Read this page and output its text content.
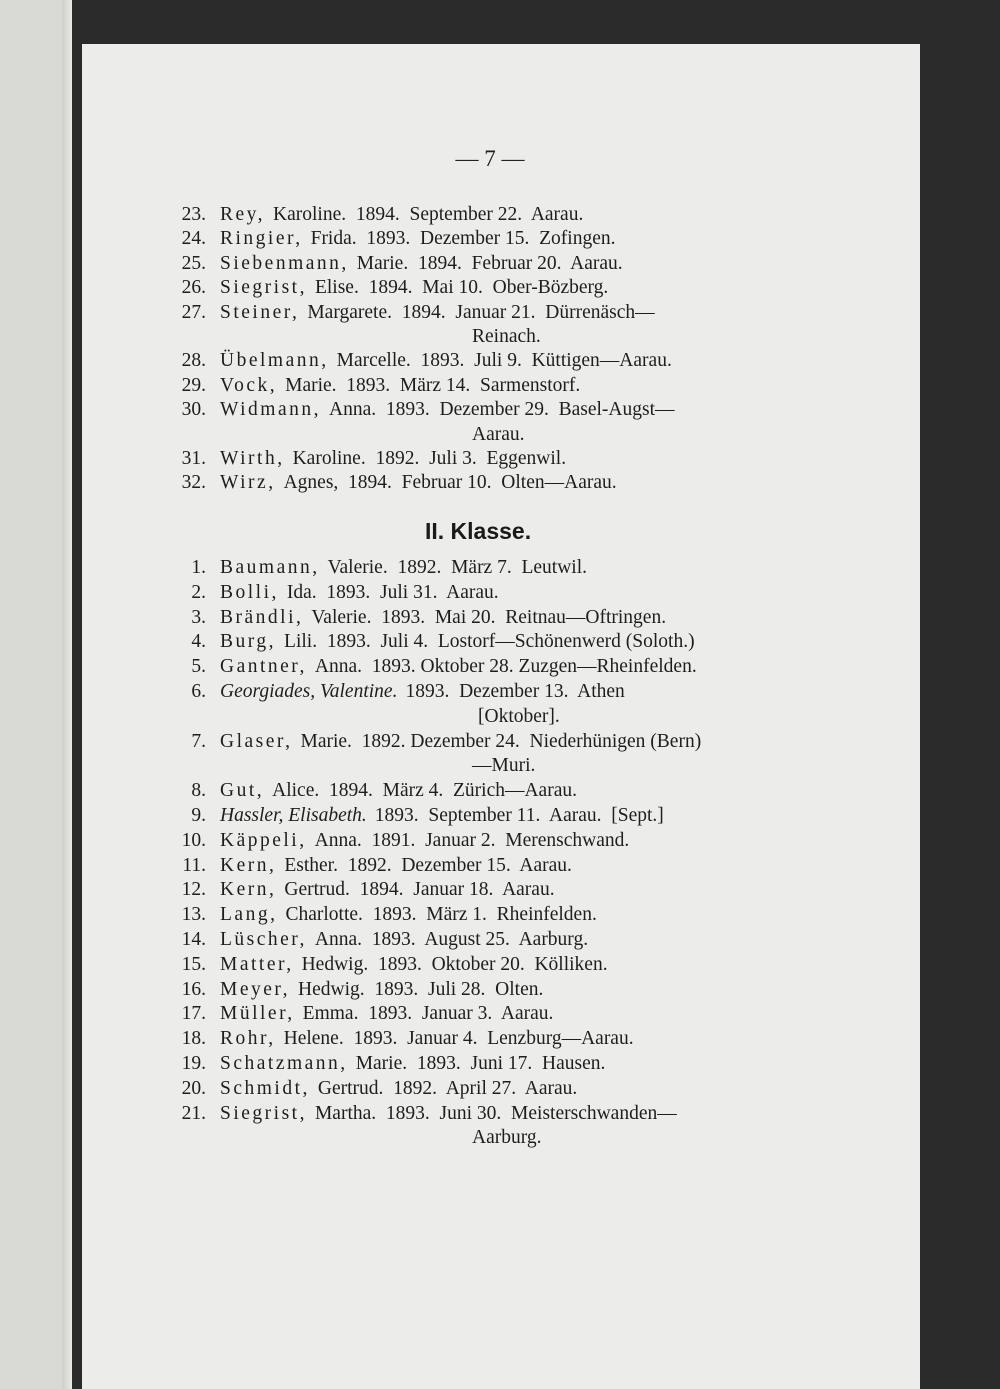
— 7 —
23. Rey, Karoline.  1894.  September 22.  Aarau.
24. Ringier, Frida.  1893.  Dezember 15.  Zofingen.
25. Siebenmann, Marie.  1894.  Februar 20.  Aarau.
26. Siegrist, Elise.  1894.  Mai 10.  Ober-Bözberg.
27. Steiner, Margarete.  1894.  Januar 21.  Dürrenäsch—
Reinach.
28. Übelmann, Marcelle.  1893.  Juli 9.  Küttigen—Aarau.
29. Vock, Marie.  1893.  März 14.  Sarmenstorf.
30. Widmann, Anna.  1893.  Dezember 29.  Basel-Augst—
Aarau.
31. Wirth, Karoline.  1892.  Juli 3.  Eggenwil.
32. Wirz, Agnes,  1894.  Februar 10.  Olten—Aarau.
II. Klasse.
1. Baumann, Valerie.  1892.  März 7.  Leutwil.
2. Bolli, Ida.  1893.  Juli 31.  Aarau.
3. Brändli, Valerie.  1893.  Mai 20.  Reitnau—Oftringen.
4. Burg, Lili.  1893.  Juli 4.  Lostorf—Schönenwerd (Soloth.)
5. Gantner, Anna.  1893. Oktober 28. Zuzgen—Rheinfelden.
6. Georgiades, Valentine. 1893.  Dezember 13.  Athen
[Oktober].
7. Glaser, Marie.  1892. Dezember 24.  Niederhünigen (Bern)
—Muri.
8. Gut, Alice.  1894.  März 4.  Zürich—Aarau.
9. Hassler, Elisabeth. 1893.  September 11.  Aarau.  [Sept.]
10. Käppeli, Anna.  1891.  Januar 2.  Merenschwand.
11. Kern, Esther.  1892.  Dezember 15.  Aarau.
12. Kern, Gertrud.  1894.  Januar 18.  Aarau.
13. Lang, Charlotte.  1893.  März 1.  Rheinfelden.
14. Lüscher, Anna.  1893.  August 25.  Aarburg.
15. Matter, Hedwig.  1893.  Oktober 20.  Kölliken.
16. Meyer, Hedwig.  1893.  Juli 28.  Olten.
17. Müller, Emma.  1893.  Januar 3.  Aarau.
18. Rohr, Helene.  1893.  Januar 4.  Lenzburg—Aarau.
19. Schatzmann, Marie.  1893.  Juni 17.  Hausen.
20. Schmidt, Gertrud.  1892.  April 27.  Aarau.
21. Siegrist, Martha.  1893.  Juni 30.  Meisterschwanden—
Aarburg.
